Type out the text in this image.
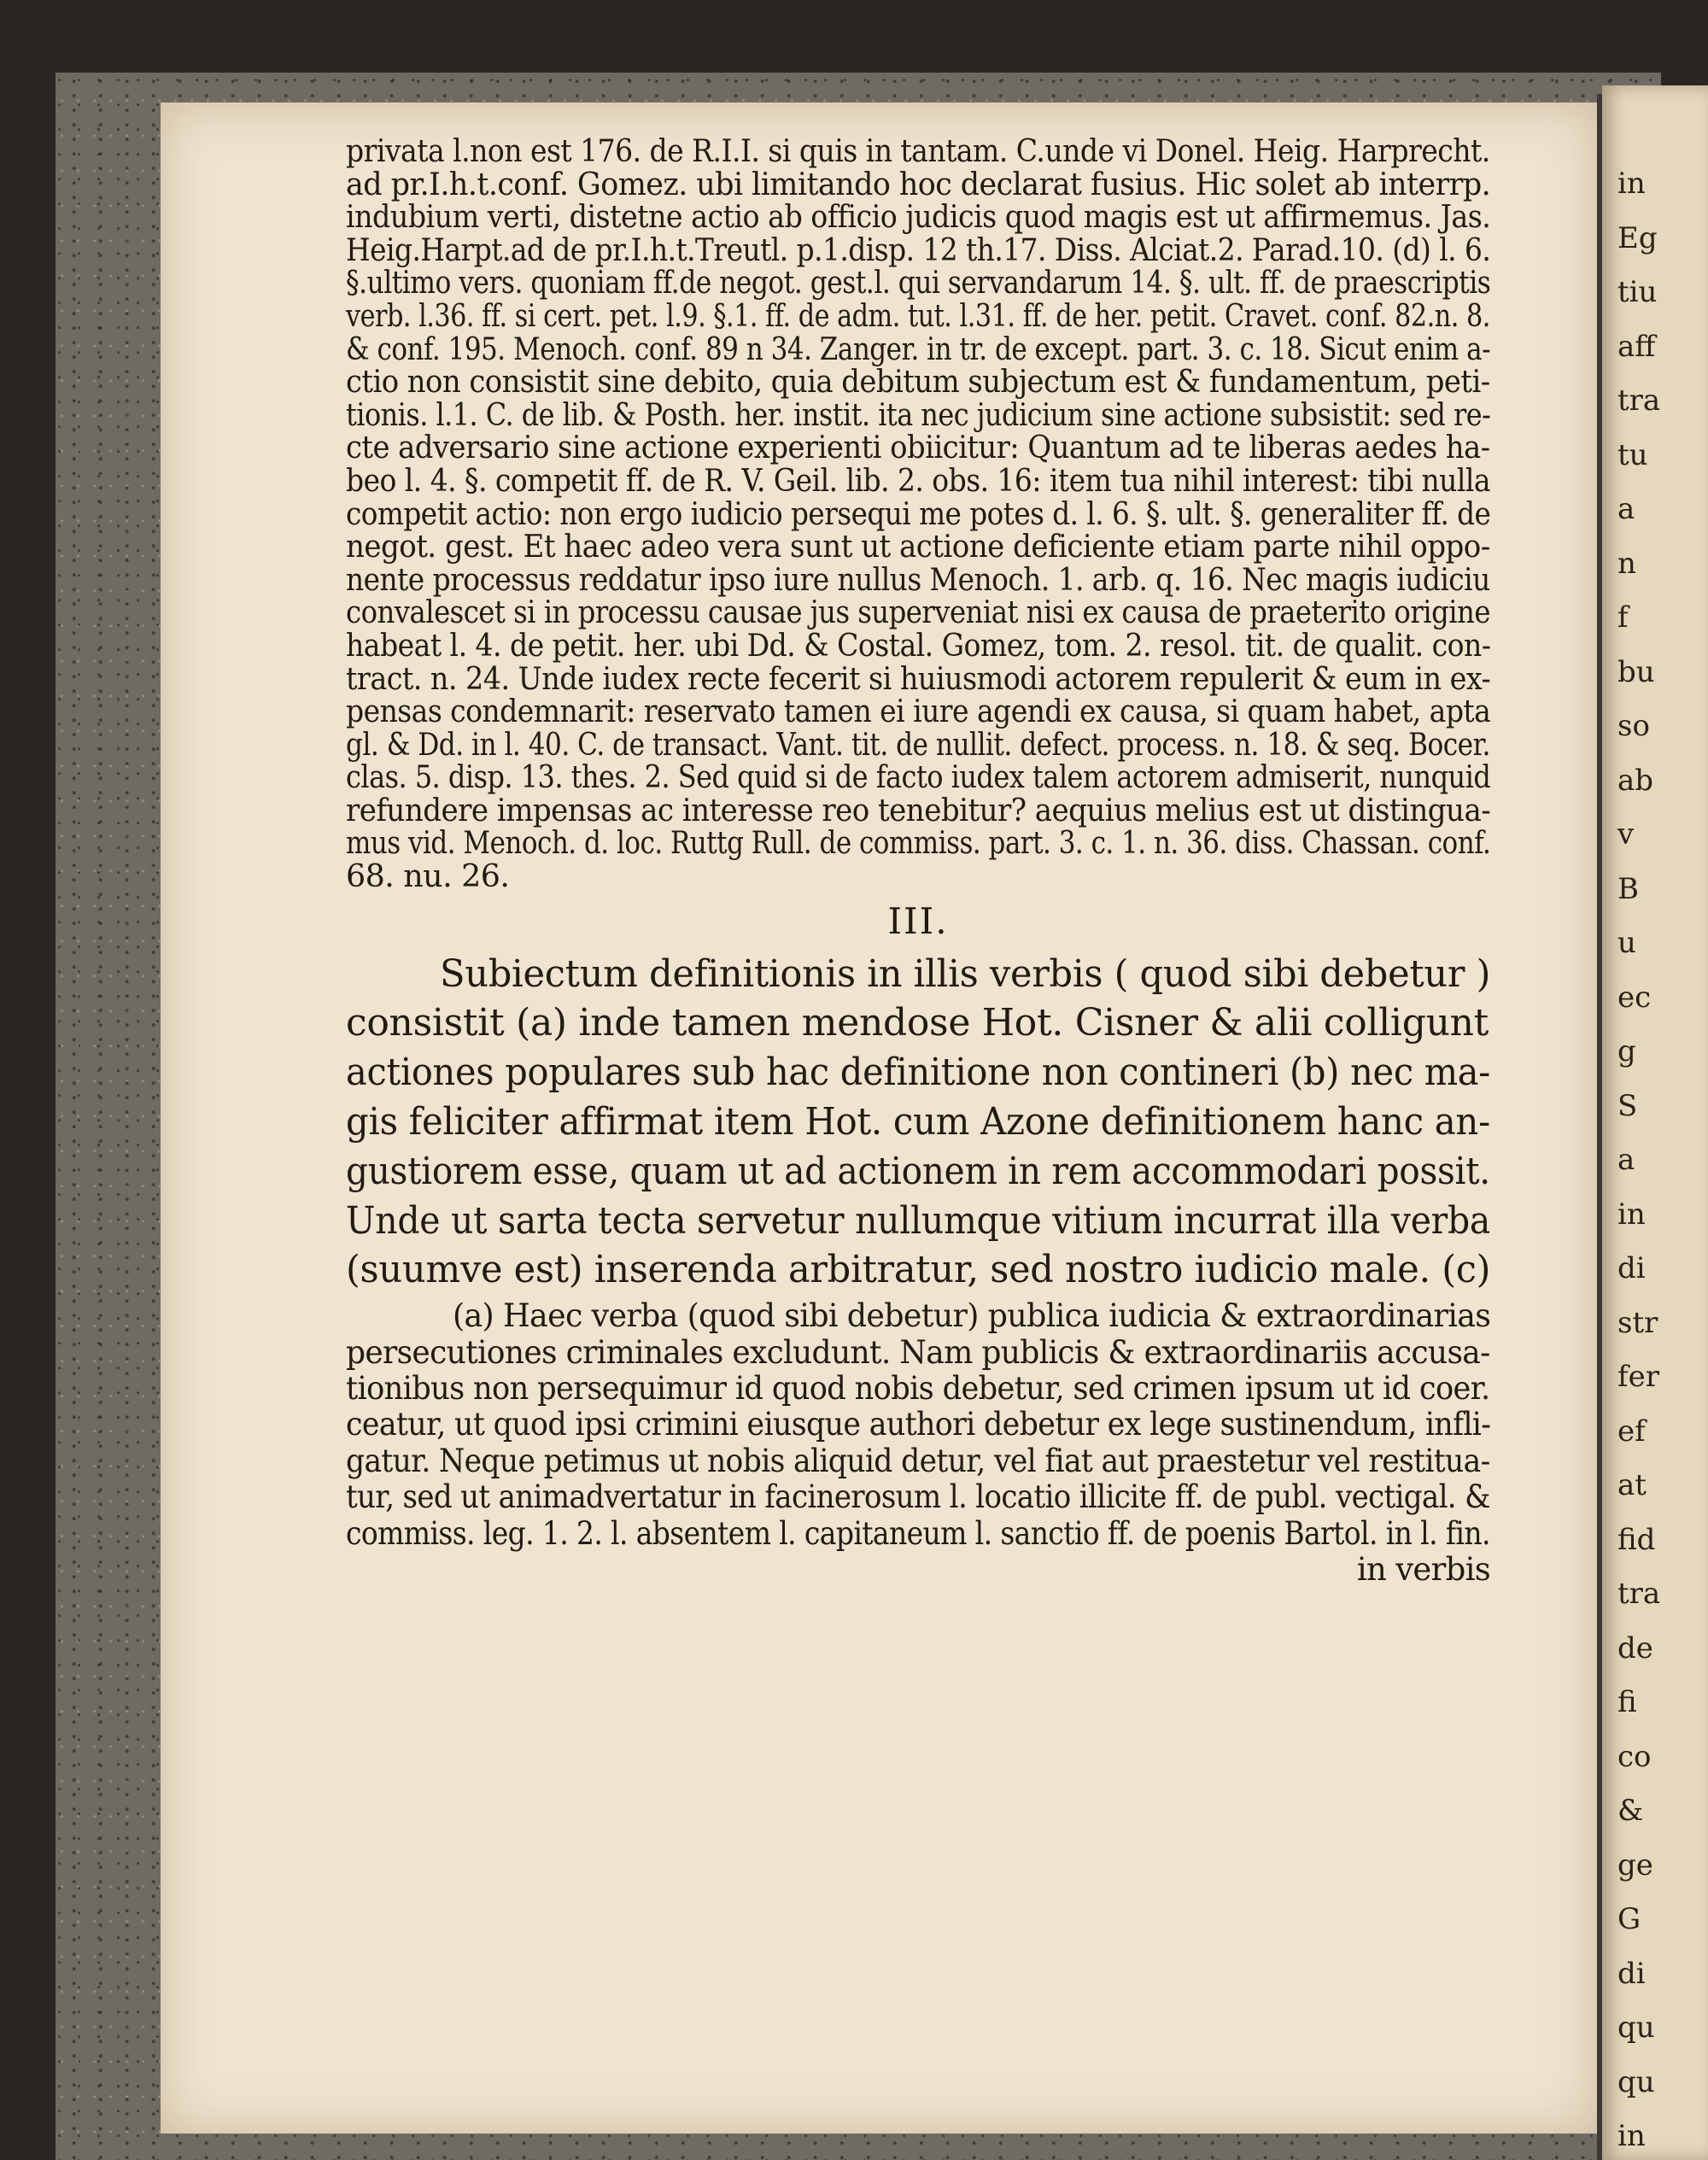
in
Eg
tiu
aff
tra
tu
a
n
f
bu
so
ab
v
B
u
ec
g
S
a
in
di
str
fer
ef
at
fid
tra
de
fi
co
&
ge
G
di
qu
qu
in
privata l.non est 176. de R.I.I. si quis in tantam. C.unde vi Donel. Heig. Harprecht.
ad pr.I.h.t.conf. Gomez. ubi limitando hoc declarat fusius. Hic solet ab interrp.
indubium verti, distetne actio ab officio judicis quod magis est ut affirmemus. Jas.
Heig.Harpt.ad de pr.I.h.t.Treutl. p.1.disp. 12 th.17. Diss. Alciat.2. Parad.10. (d) l. 6.
§.ultimo vers. quoniam ff.de negot. gest.l. qui servandarum 14. §. ult. ff. de praescriptis
verb. l.36. ff. si cert. pet. l.9. §.1. ff. de adm. tut. l.31. ff. de her. petit. Cravet. conf. 82.n. 8.
& conf. 195. Menoch. conf. 89 n 34. Zanger. in tr. de except. part. 3. c. 18. Sicut enim a-
ctio non consistit sine debito, quia debitum subjectum est & fundamentum, peti-
tionis. l.1. C. de lib. & Posth. her. instit. ita nec judicium sine actione subsistit: sed re-
cte adversario sine actione experienti obiicitur: Quantum ad te liberas aedes ha-
beo l. 4. §. competit ff. de R. V. Geil. lib. 2. obs. 16: item tua nihil interest: tibi nulla
competit actio: non ergo iudicio persequi me potes d. l. 6. §. ult. §. generaliter ff. de
negot. gest. Et haec adeo vera sunt ut actione deficiente etiam parte nihil oppo-
nente processus reddatur ipso iure nullus Menoch. 1. arb. q. 16. Nec magis iudiciu
convalescet si in processu causae jus superveniat nisi ex causa de praeterito origine
habeat l. 4. de petit. her. ubi Dd. & Costal. Gomez, tom. 2. resol. tit. de qualit. con-
tract. n. 24. Unde iudex recte fecerit si huiusmodi actorem repulerit & eum in ex-
pensas condemnarit: reservato tamen ei iure agendi ex causa, si quam habet, apta
gl. & Dd. in l. 40. C. de transact. Vant. tit. de nullit. defect. process. n. 18. & seq. Bocer.
clas. 5. disp. 13. thes. 2. Sed quid si de facto iudex talem actorem admiserit, nunquid
refundere impensas ac interesse reo tenebitur? aequius melius est ut distingua-
mus vid. Menoch. d. loc. Ruttg Rull. de commiss. part. 3. c. 1. n. 36. diss. Chassan. conf.
68. nu. 26.
III.
Subiectum definitionis in illis verbis ( quod sibi debetur )
consistit (a) inde tamen mendose Hot. Cisner & alii colligunt
actiones populares sub hac definitione non contineri (b) nec ma-
gis feliciter affirmat item Hot. cum Azone definitionem hanc an-
gustiorem esse, quam ut ad actionem in rem accommodari possit.
Unde ut sarta tecta servetur nullumque vitium incurrat illa verba
(suumve est) inserenda arbitratur, sed nostro iudicio male. (c)
(a) Haec verba (quod sibi debetur) publica iudicia & extraordinarias
persecutiones criminales excludunt. Nam publicis & extraordinariis accusa-
tionibus non persequimur id quod nobis debetur, sed crimen ipsum ut id coer.
ceatur, ut quod ipsi crimini eiusque authori debetur ex lege sustinendum, infli-
gatur. Neque petimus ut nobis aliquid detur, vel fiat aut praestetur vel restitua-
tur, sed ut animadvertatur in facinerosum l. locatio illicite ff. de publ. vectigal. &
commiss. leg. 1. 2. l. absentem l. capitaneum l. sanctio ff. de poenis Bartol. in l. fin.
in verbis
